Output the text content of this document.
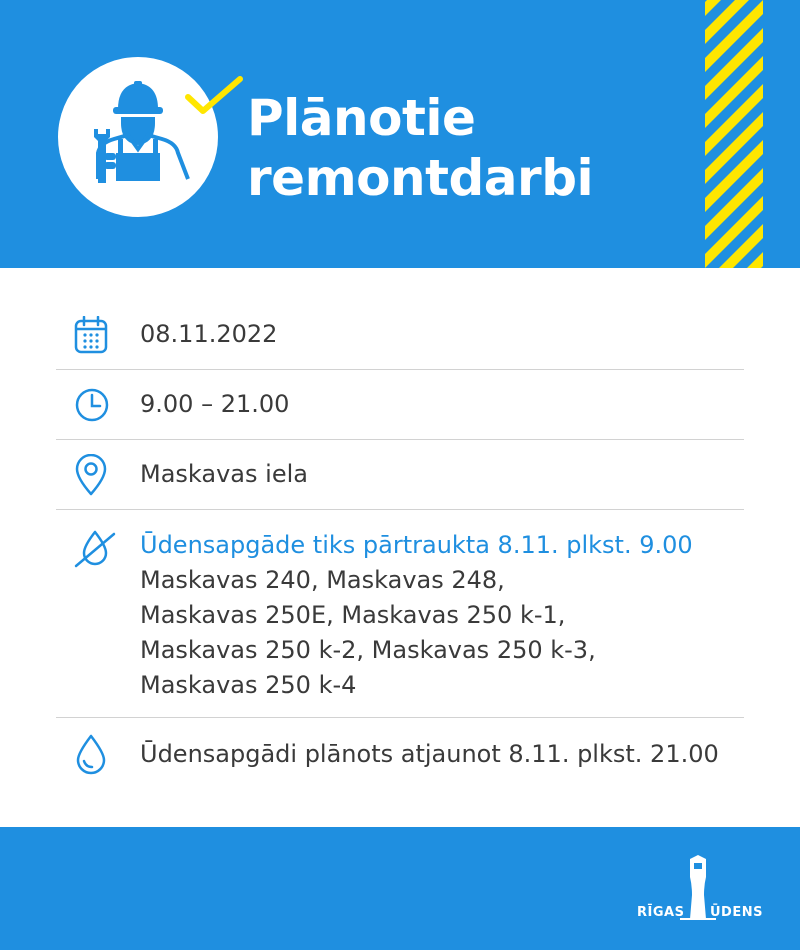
Plānotie
remontdarbi
08.11.2022
9.00 – 21.00
Maskavas iela
Ūdensapgāde tiks pārtraukta 8.11. plkst. 9.00
Maskavas 240, Maskavas 248,
Maskavas 250E, Maskavas 250 k-1,
Maskavas 250 k-2, Maskavas 250 k-3,
Maskavas 250 k-4
Ūdensapgādi plānots atjaunot 8.11. plkst. 21.00
RĪGAS ŪDENS
